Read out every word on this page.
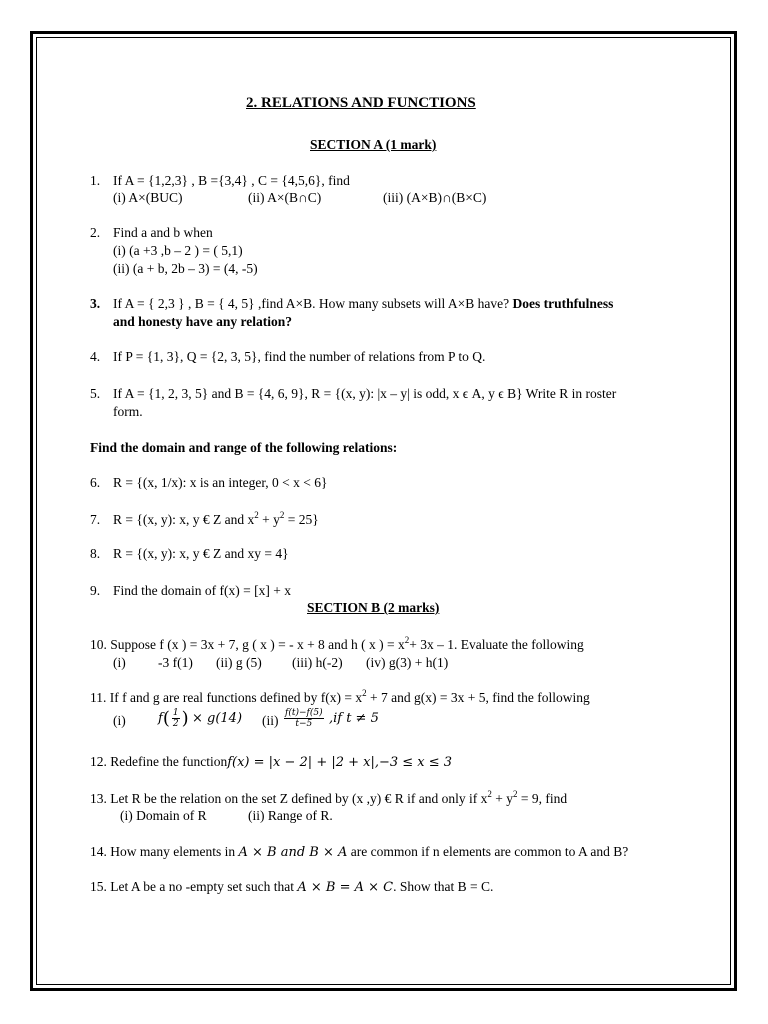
2. RELATIONS AND FUNCTIONS
SECTION A (1 mark)
1. If A = {1,2,3} , B ={3,4} , C = {4,5,6}, find
(i) A×(BUC)	(ii) A×(B∩C)	(iii) (A×B)∩(B×C)
2. Find a and b when
(i) (a +3 ,b – 2 ) = ( 5,1)
(ii) (a + b, 2b – 3) = (4, -5)
3. If A = { 2,3 } , B = { 4, 5} ,find A×B. How many subsets will A×B have? Does truthfulness
and honesty have any relation?
4. If P = {1, 3}, Q = {2, 3, 5}, find the number of relations from P to Q.
5. If A = {1, 2, 3, 5} and B = {4, 6, 9}, R = {(x, y): |x – y| is odd, x ϵ A, y ϵ B} Write R in roster
form.
Find the domain and range of the following relations:
6. R = {(x, 1/x): x is an integer, 0 < x < 6}
7. R = {(x, y): x, y € Z and $x^2 + y^2 = 25$}
8. R = {(x, y): x, y € Z and xy = 4}
9. Find the domain of f(x) = [x] + x
SECTION B (2 marks)
10. Suppose f (x ) = 3x + 7, g ( x ) = - x + 8 and h ( x ) = $x^2+ 3x - 1$. Evaluate the following
(i) -3 f(1) (ii) g (5) (iii) h(-2) (iv) g(3) + h(1)
11. If f and g are real functions defined by $f(x) = x^2 + 7$ and g(x) = 3x + 5, find the following
(i) $f( \frac{1}{2}$ ) × g(14) $(ii) \frac{f(t)-f(5)}{t-5} ,if$ t ≠ 5
12. Redefine the functionf(x) = |x − 2| + |2 + x|,−3 ≤ x ≤ 3
13. Let R be the relation on the set Z defined by (x ,y) € R if and only if $x^2 + y^2 = 9$, find
(i) Domain of R	(ii) Range of R.
14. How many elements in A × B and B × A are common if n elements are common to A and B?
15. Let A be a no -empty set such that A × B = A × C. Show that B = C.
